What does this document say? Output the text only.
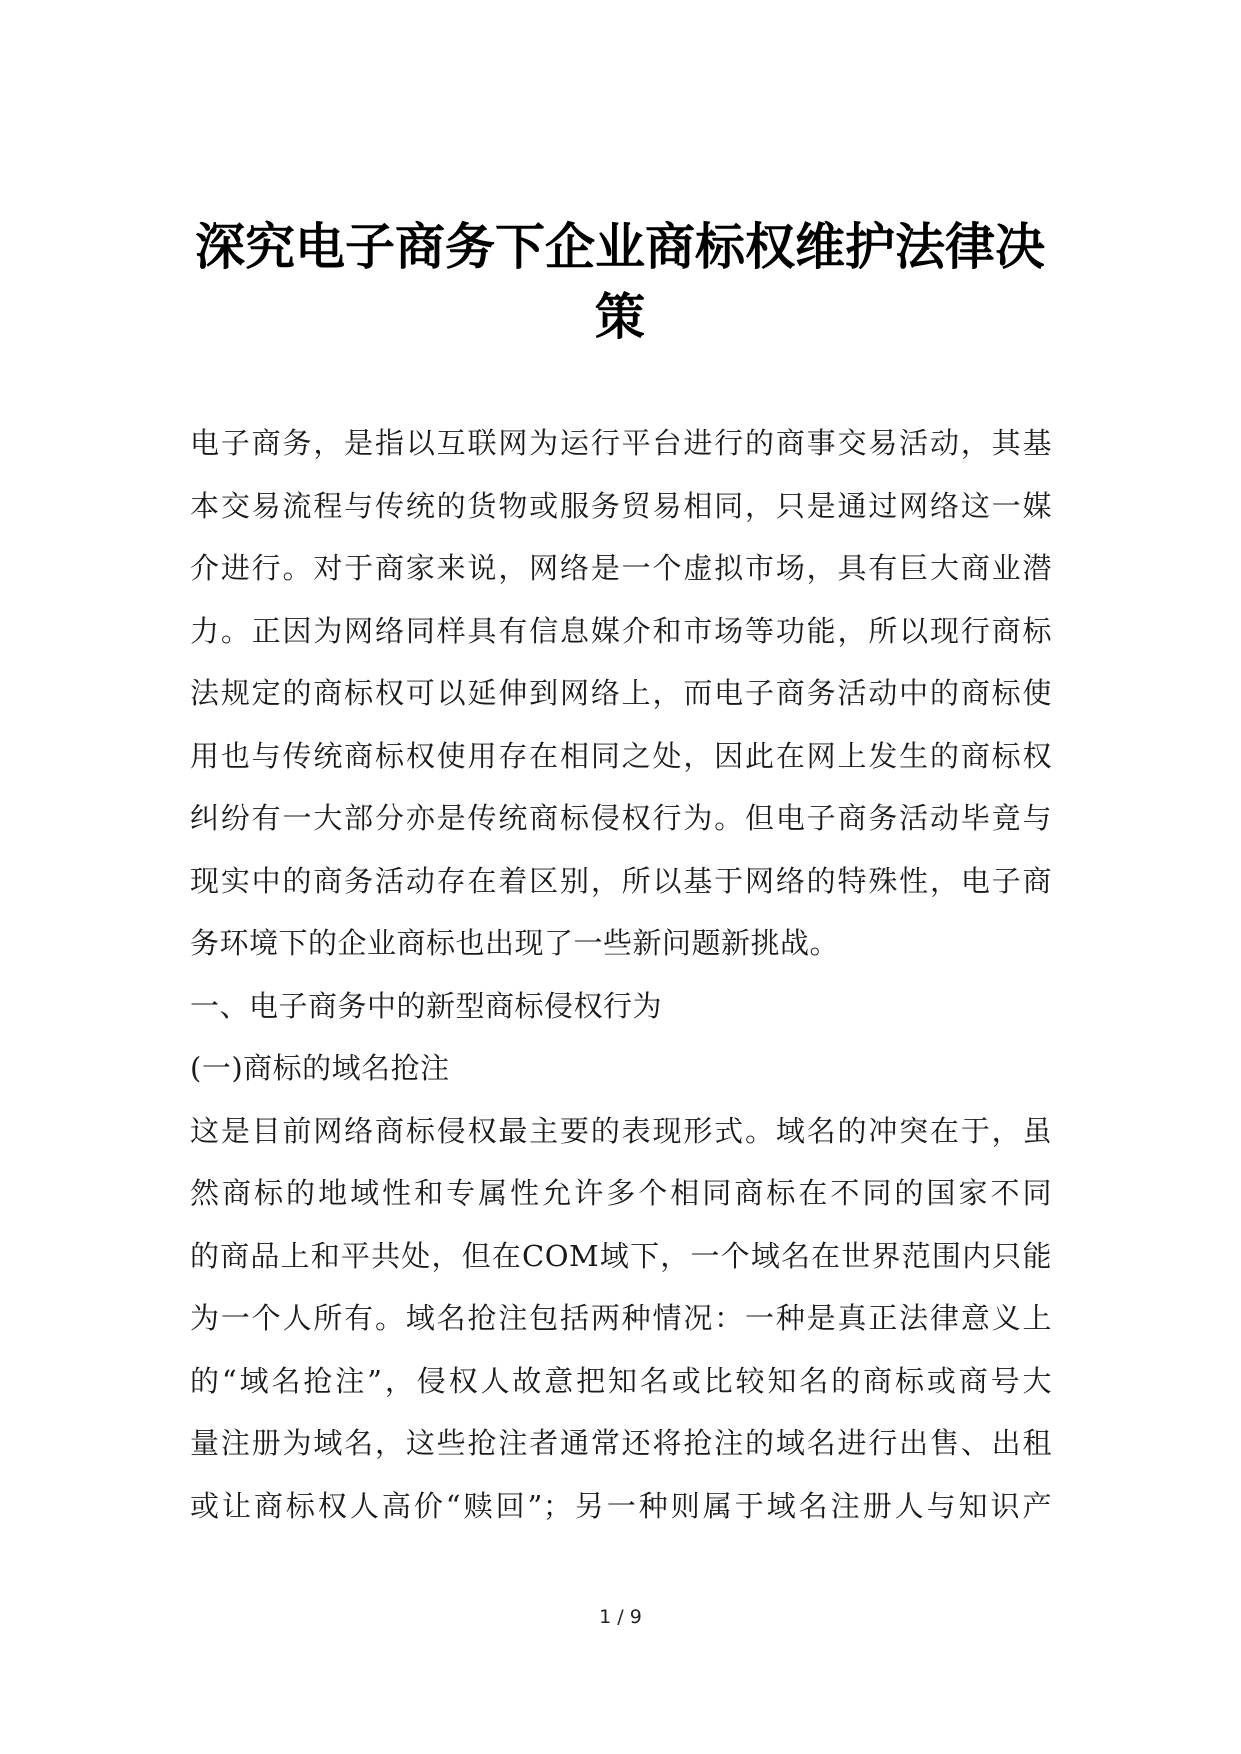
深究电子商务下企业商标权维护法律决
策

电子商务，是指以互联网为运行平台进行的商事交易活动，其基

本交易流程与传统的货物或服务贸易相同，只是通过网络这一媒

介进行。对于商家来说，网络是一个虚拟市场，具有巨大商业潜

力。正因为网络同样具有信息媒介和市场等功能，所以现行商标

法规定的商标权可以延伸到网络上，而电子商务活动中的商标使

用也与传统商标权使用存在相同之处，因此在网上发生的商标权

纠纷有一大部分亦是传统商标侵权行为。但电子商务活动毕竟与

现实中的商务活动存在着区别，所以基于网络的特殊性，电子商

务环境下的企业商标也出现了一些新问题新挑战。

一、电子商务中的新型商标侵权行为

(一)商标的域名抢注

这是目前网络商标侵权最主要的表现形式。域名的冲突在于，虽

然商标的地域性和专属性允许多个相同商标在不同的国家不同

的商品上和平共处，但在COM域下，一个域名在世界范围内只能

为一个人所有。域名抢注包括两种情况：一种是真正法律意义上

的“域名抢注”，侵权人故意把知名或比较知名的商标或商号大

量注册为域名，这些抢注者通常还将抢注的域名进行出售、出租

或让商标权人高价“赎回”；另一种则属于域名注册人与知识产

1 / 9
